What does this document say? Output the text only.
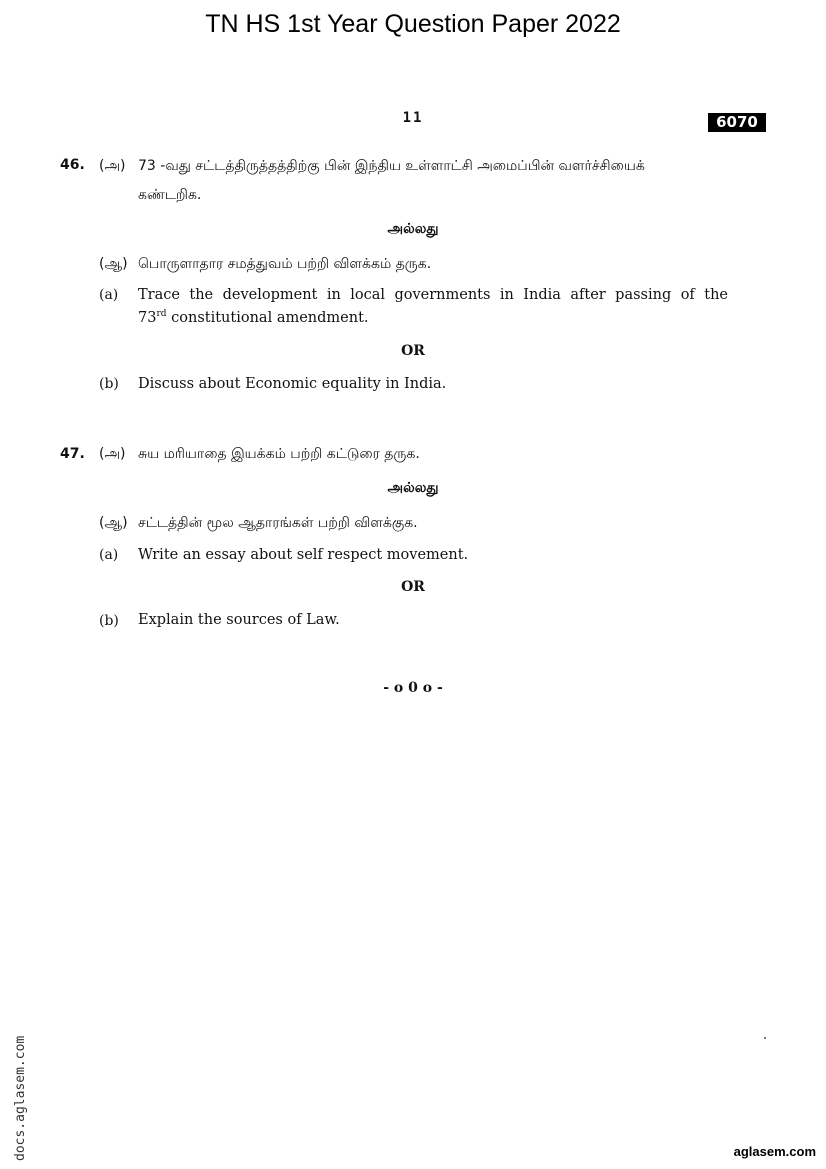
TN HS 1st Year Question Paper 2022
11	6070
46. (அ) 73 -வது சட்டத்திருத்தத்திற்கு பின் இந்திய உள்ளாட்சி அமைப்பின் வளர்ச்சியைக்
கண்டறிக.
அல்லது
(ஆ) பொருளாதார சமத்துவம் பற்றி விளக்கம் தருக.
(a) Trace the development in local governments in India after passing of the
73rd constitutional amendment.
OR
(b) Discuss about Economic equality in India.
47. (அ) சுய மரியாதை இயக்கம் பற்றி கட்டுரை தருக.
அல்லது
(ஆ) சட்டத்தின் மூல ஆதாரங்கள் பற்றி விளக்குக.
(a) Write an essay about self respect movement.
OR
(b) Explain the sources of Law.
- o 0 o -
docs.aglasem.com	aglasem.com
